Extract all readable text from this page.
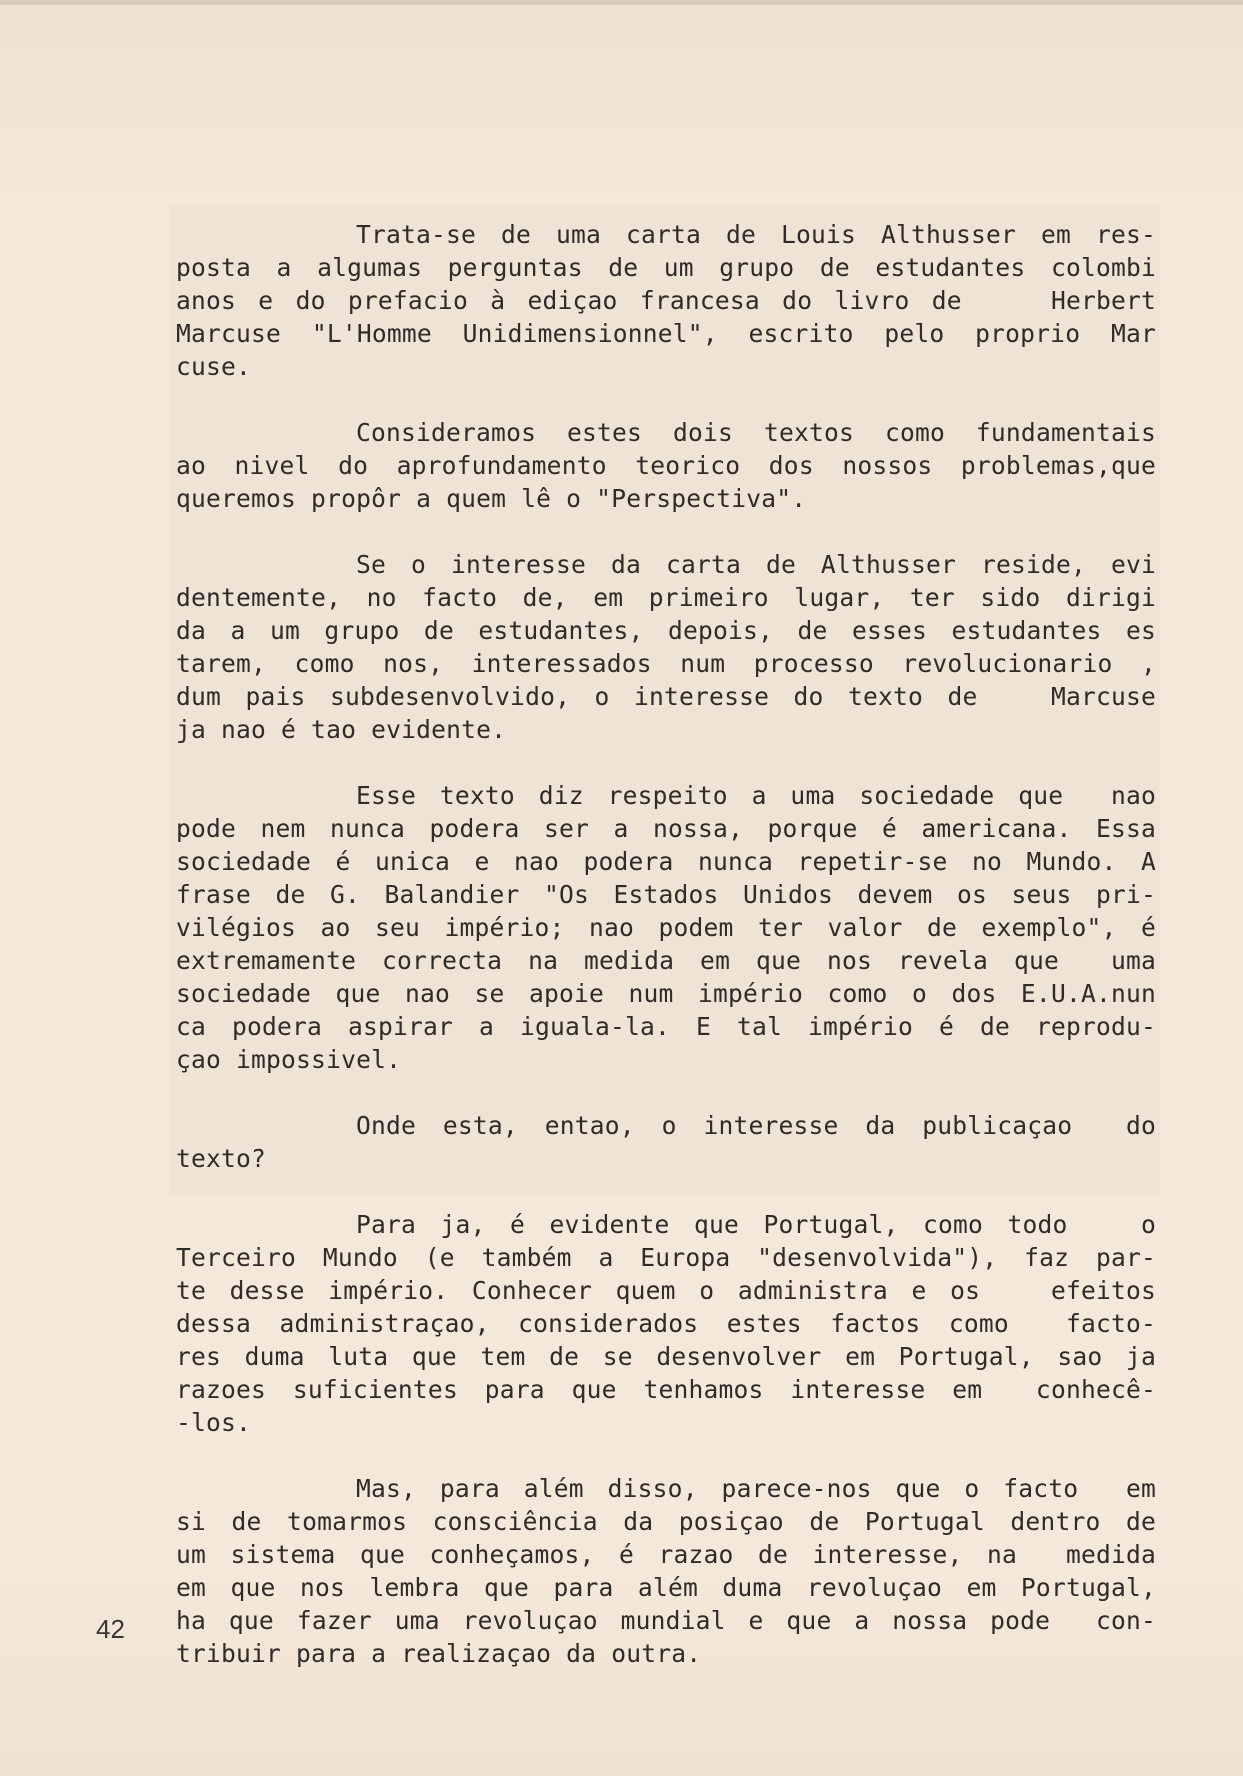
Trata-se de uma carta de Louis Althusser em res-
posta a algumas perguntas de um grupo de estudantes colombi
anos e do prefacio à ediçao francesa do livro de    Herbert
Marcuse "L'Homme Unidimensionnel", escrito pelo proprio Mar
cuse.
Consideramos estes dois textos como fundamentais
ao nivel do aprofundamento teorico dos nossos problemas,que
queremos propôr a quem lê o "Perspectiva".
Se o interesse da carta de Althusser reside, evi
dentemente, no facto de, em primeiro lugar, ter sido dirigi
da a um grupo de estudantes, depois, de esses estudantes es
tarem, como nos, interessados num processo revolucionario ,
dum pais subdesenvolvido, o interesse do texto de   Marcuse
ja nao é tao evidente.
Esse texto diz respeito a uma sociedade que  nao
pode nem nunca podera ser a nossa, porque é americana. Essa
sociedade é unica e nao podera nunca repetir-se no Mundo. A
frase de G. Balandier "Os Estados Unidos devem os seus pri-
vilégios ao seu império; nao podem ter valor de exemplo", é
extremamente correcta na medida em que nos revela que  uma
sociedade que nao se apoie num império como o dos E.U.A.nun
ca podera aspirar a iguala-la. E tal império é de reprodu-
çao impossivel.
Onde esta, entao, o interesse da publicaçao  do
texto?
Para ja, é evidente que Portugal, como todo   o
Terceiro Mundo (e também a Europa "desenvolvida"), faz par-
te desse império. Conhecer quem o administra e os   efeitos
dessa administraçao, considerados estes factos como  facto-
res duma luta que tem de se desenvolver em Portugal, sao ja
razoes suficientes para que tenhamos interesse em  conhecê-
-los.
Mas, para além disso, parece-nos que o facto  em
si de tomarmos consciência da posiçao de Portugal dentro de
um sistema que conheçamos, é razao de interesse, na  medida
em que nos lembra que para além duma revoluçao em Portugal,
ha que fazer uma revoluçao mundial e que a nossa pode  con-
tribuir para a realizaçao da outra.
42
